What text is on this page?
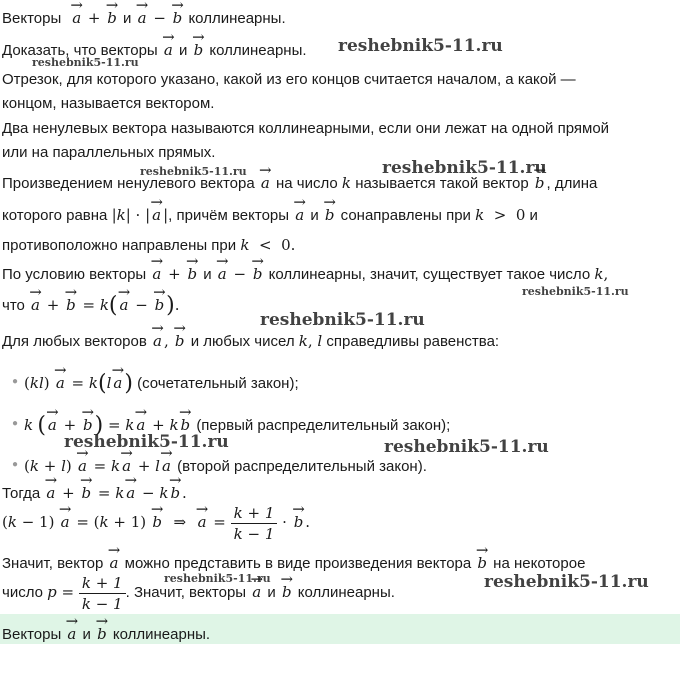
Векторы → a + → b и → a − → b коллинеарны.
Доказать, что векторы → a и → b коллинеарны.
Отрезок, для которого указано, какой из его концов считается началом, а какой —
концом, называется вектором.
Два ненулевых вектора называются коллинеарными, если они лежат на одной прямой
или на параллельных прямых.
Произведением ненулевого вектора → a на число k называется такой вектор → b , длина
которого равна |k| · | → a |, причём векторы → a и → b сонаправлены при k  >  0 и
противоположно направлены при k  <  0.
По условию векторы → a + → b и → a − → b коллинеарны, значит, существует такое число k,
что → a + → b = k( → a − → b).
Для любых векторов → a , → b и любых чисел k, l справедливы равенства:
● (kl) → a = k(l → a) (сочетательный закон);
● k ( → a + → b) = k → a + k → b (первый распределительный закон);
● (k + l) → a = k → a + l → a (второй распределительный закон).
Тогда → a + → b = k → a − k → b .
(k − 1) → a = (k + 1) → b  ⇒  → $a = \frac{k + 1}{k - 1}$ · → b .
Значит, вектор → a можно представить в виде произведения вектора → b на некоторое
число $p = \frac{k + 1}{k - 1}$ . Значит, векторы → a и → b коллинеарны.
Векторы → a и → b коллинеарны.
reshebnik5-11.ru
reshebnik5-11.ru
reshebnik5-11.ru
reshebnik5-11.ru
reshebnik5-11.ru
reshebnik5-11.ru
reshebnik5-11.ru	reshebnik5-11.ru
reshebnik5-11.ru	reshebnik5-11.ru
